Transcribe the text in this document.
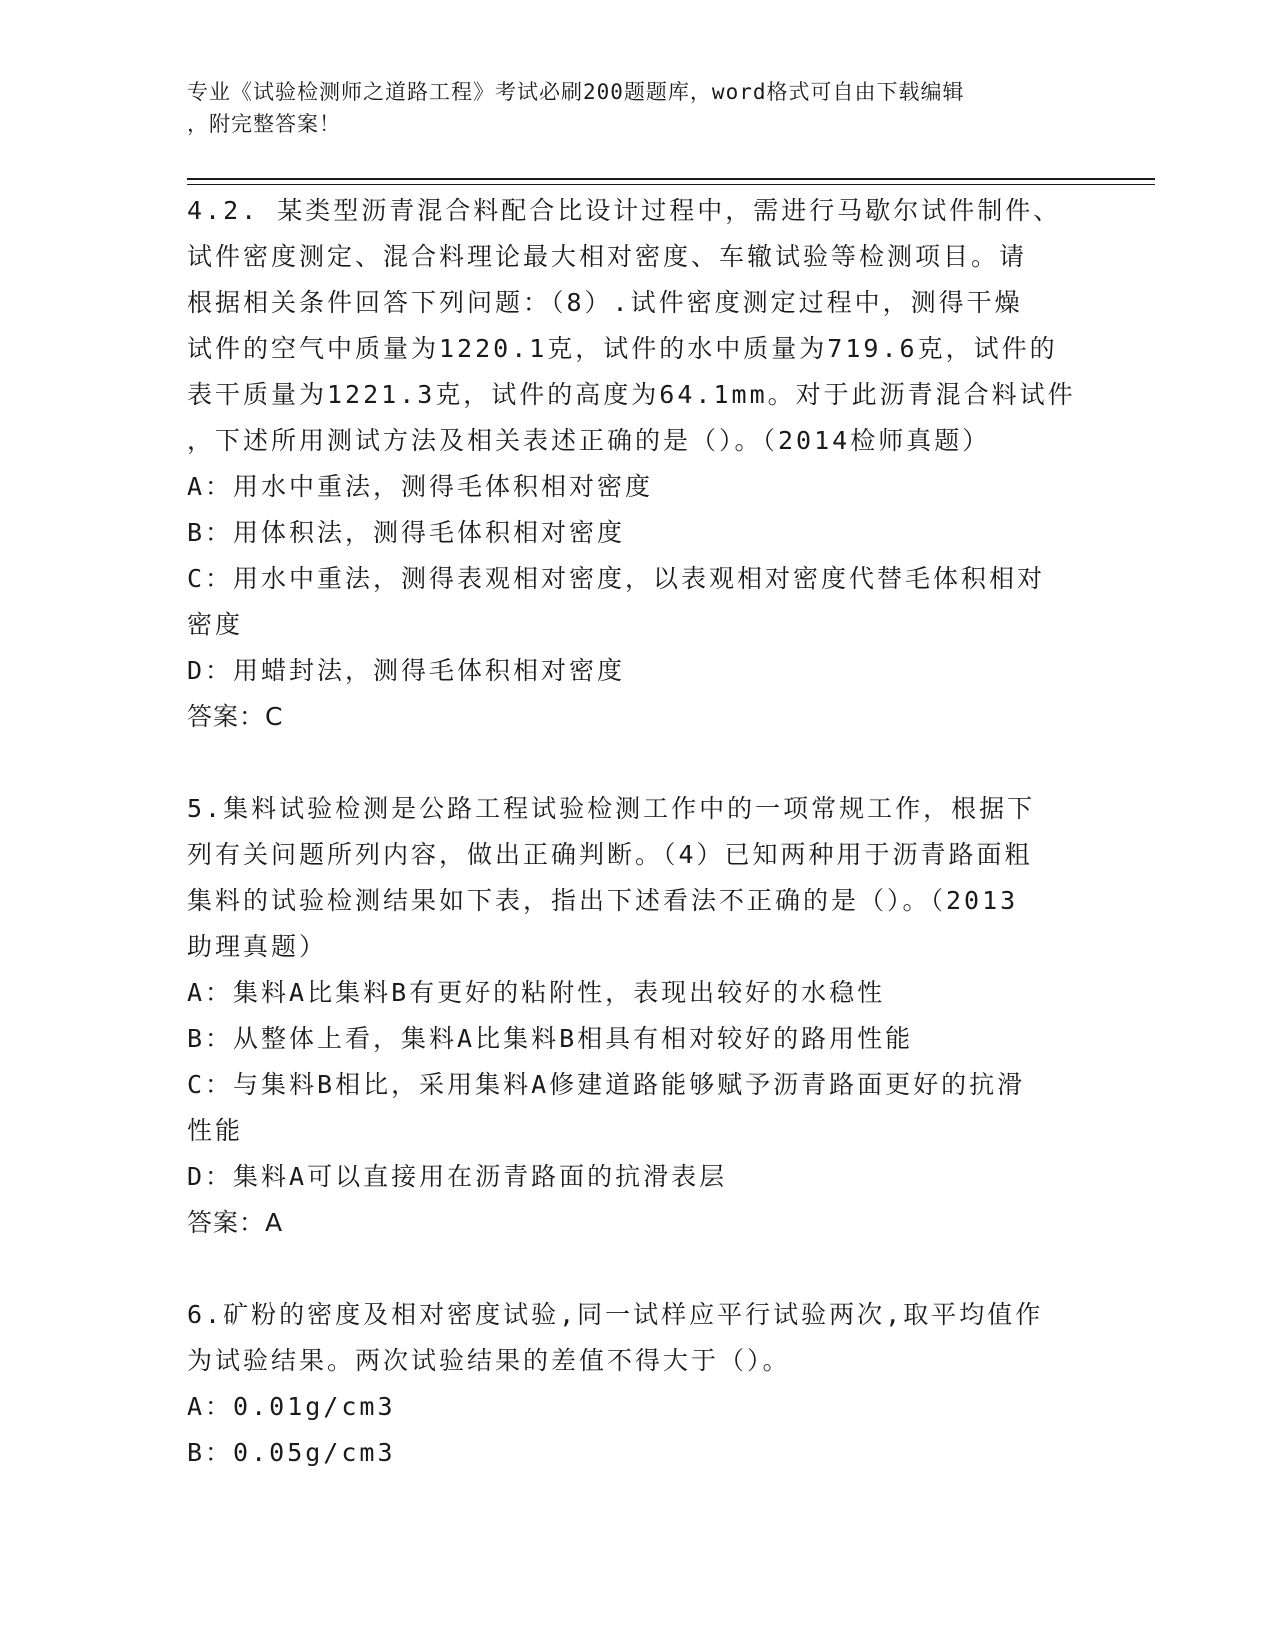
专业《试验检测师之道路工程》考试必刷200题题库，word格式可自由下载编辑
，附完整答案！

4.2. 某类型沥青混合料配合比设计过程中，需进行马歇尔试件制件、

试件密度测定、混合料理论最大相对密度、车辙试验等检测项目。请

根据相关条件回答下列问题：（8）.试件密度测定过程中，测得干燥

试件的空气中质量为1220.1克，试件的水中质量为719.6克，试件的

表干质量为1221.3克，试件的高度为64.1mm。对于此沥青混合料试件

，下述所用测试方法及相关表述正确的是（）。（2014检师真题）

A：用水中重法，测得毛体积相对密度

B：用体积法，测得毛体积相对密度

C：用水中重法，测得表观相对密度，以表观相对密度代替毛体积相对

密度

D：用蜡封法，测得毛体积相对密度

答案：C

5.集料试验检测是公路工程试验检测工作中的一项常规工作，根据下

列有关问题所列内容，做出正确判断。（4）已知两种用于沥青路面粗

集料的试验检测结果如下表，指出下述看法不正确的是（）。（2013

助理真题）

A：集料A比集料B有更好的粘附性，表现出较好的水稳性

B：从整体上看，集料A比集料B相具有相对较好的路用性能

C：与集料B相比，采用集料A修建道路能够赋予沥青路面更好的抗滑

性能

D：集料A可以直接用在沥青路面的抗滑表层

答案：A

6.矿粉的密度及相对密度试验,同一试样应平行试验两次,取平均值作

为试验结果。两次试验结果的差值不得大于（）。

A：0.01g/cm3

B：0.05g/cm3
